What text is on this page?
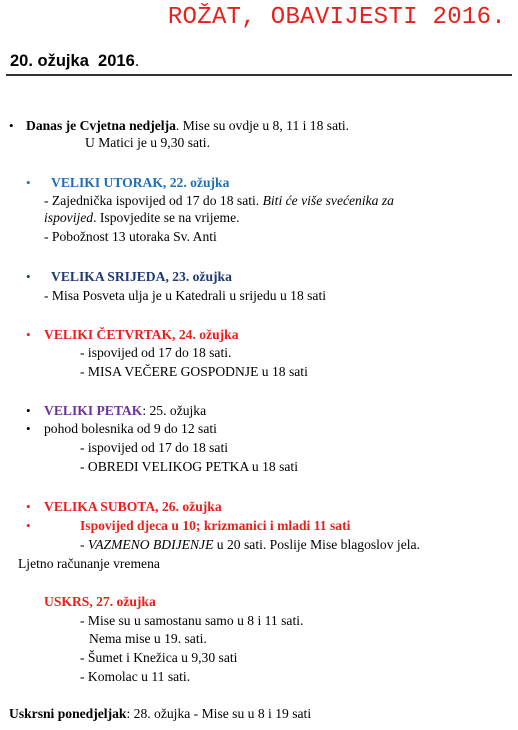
ROŽAT, OBAVIJESTI 2016.
20. ožujka  2016.
• Danas je Cvjetna nedjelja. Mise su ovdje u 8, 11 i 18 sati.
U Matici je u 9,30 sati.
• VELIKI UTORAK, 22. ožujka
- Zajednička ispovijed od 17 do 18 sati. Biti će više svećenika za
ispovijed. Ispovjedite se na vrijeme.
- Pobožnost 13 utoraka Sv. Anti
• VELIKA SRIJEDA, 23. ožujka
- Misa Posveta ulja je u Katedrali u srijedu u 18 sati
• VELIKI ČETVRTAK, 24. ožujka
- ispovijed od 17 do 18 sati.
- MISA VEČERE GOSPODNJE u 18 sati
• VELIKI PETAK: 25. ožujka
• pohod bolesnika od 9 do 12 sati
- ispovijed od 17 do 18 sati
- OBREDI VELIKOG PETKA u 18 sati
• VELIKA SUBOTA, 26. ožujka
•	Ispovijed djeca u 10; krizmanici i mladi 11 sati
- VAZMENO BDIJENJE u 20 sati. Poslije Mise blagoslov jela.
Ljetno računanje vremena
USKRS, 27. ožujka
- Mise su u samostanu samo u 8 i 11 sati.
Nema mise u 19. sati.
- Šumet i Knežica u 9,30 sati
- Komolac u 11 sati.
Uskrsni ponedjeljak: 28. ožujka - Mise su u 8 i 19 sati
